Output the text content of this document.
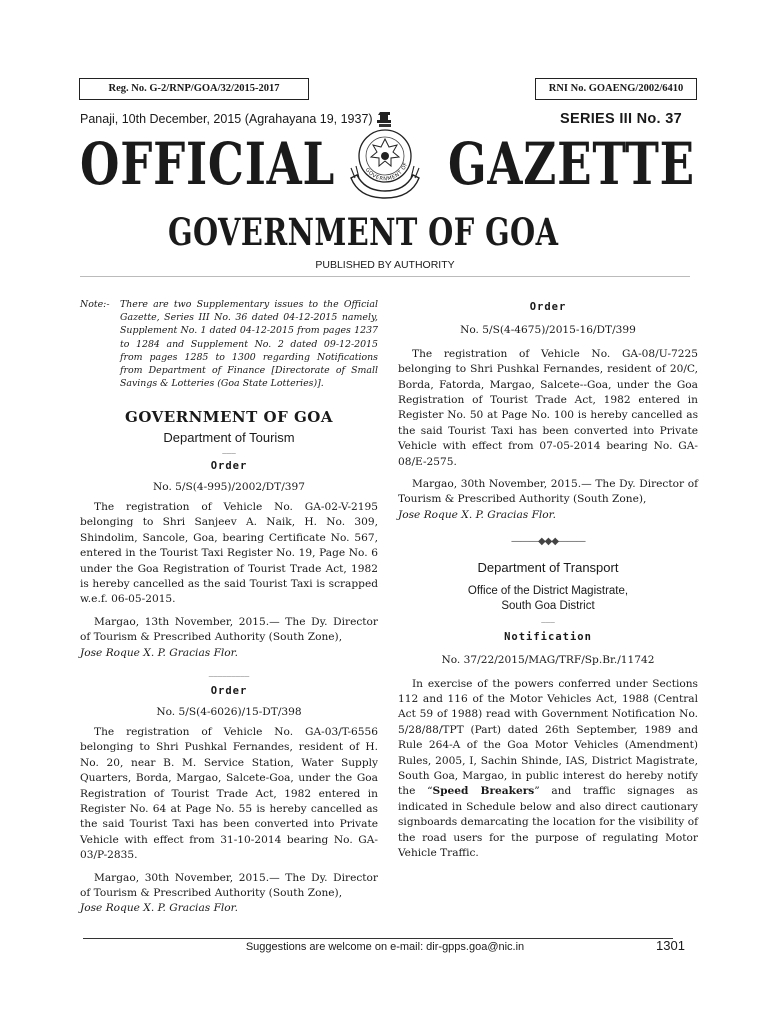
Reg. No. G-2/RNP/GOA/32/2015-2017	RNI No. GOAENG/2002/6410
Panaji, 10th December, 2015 (Agrahayana 19, 1937)	SERIES III No. 37
OFFICIAL GAZETTE
GOVERNMENT OF
GOVERNMENT OF GOA
PUBLISHED BY AUTHORITY
Note:-	There are two Supplementary issues to the Official Gazette, Series III No. 36 dated 04-12-2015 namely, Supplement No. 1 dated 04-12-2015 from pages 1237 to 1284 and Supplement No. 2 dated 09-12-2015 from pages 1285 to 1300 regarding Notifications from Department of Finance [Directorate of Small Savings & Lotteries (Goa State Lotteries)].
GOVERNMENT OF GOA
Department of Tourism
___
Order
No. 5/S(4-995)/2002/DT/397

The registration of Vehicle No. GA-02-V-2195 belonging to Shri Sanjeev A. Naik, H. No. 309, Shindolim, Sancole, Goa, bearing Certificate No. 567, entered in the Tourist Taxi Register No. 19, Page No. 6 under the Goa Registration of Tourist Trade Act, 1982 is hereby cancelled as the said Tourist Taxi is scrapped w.e.f. 06-05-2015.

Margao, 13th November, 2015.— The Dy. Director of Tourism & Prescribed Authority (South Zone),

Jose Roque X. P. Gracias Flor.

_________
Order
No. 5/S(4-6026)/15-DT/398

The registration of Vehicle No. GA-03/T-6556 belonging to Shri Pushkal Fernandes, resident of H. No. 20, near B. M. Service Station, Water Supply Quarters, Borda, Margao, Salcete-Goa, under the Goa Registration of Tourist Trade Act, 1982 entered in Register No. 64 at Page No. 55 is hereby cancelled as the said Tourist Taxi has been converted into Private Vehicle with effect from 31-10-2014 bearing No. GA-03/P-2835.

Margao, 30th November, 2015.— The Dy. Director of Tourism & Prescribed Authority (South Zone),

Jose Roque X. P. Gracias Flor.

Order
No. 5/S(4-4675)/2015-16/DT/399

The registration of Vehicle No. GA-08/U-7225 belonging to Shri Pushkal Fernandes, resident of 20/C, Borda, Fatorda, Margao, Salcete--Goa, under the Goa Registration of Tourist Trade Act, 1982 entered in Register No. 50 at Page No. 100 is hereby cancelled as the said Tourist Taxi has been converted into Private Vehicle with effect from 07-05-2014 bearing No. GA-08/E-2575.

Margao, 30th November, 2015.— The Dy. Director of Tourism & Prescribed Authority (South Zone),

Jose Roque X. P. Gracias Flor.

———◆◆◆———
Department of Transport
Office of the District Magistrate,
South Goa District
___
Notification
No. 37/22/2015/MAG/TRF/Sp.Br./11742

In exercise of the powers conferred under Sections 112 and 116 of the Motor Vehicles Act, 1988 (Central Act 59 of 1988) read with Government Notification No. 5/28/88/TPT (Part) dated 26th September, 1989 and Rule 264-A of the Goa Motor Vehicles (Amendment) Rules, 2005, I, Sachin Shinde, IAS, District Magistrate, South Goa, Margao, in public interest do hereby notify the “Speed Breakers” and traffic signages as indicated in Schedule below and also direct cautionary signboards demarcating the location for the visibility of the road users for the purpose of regulating Motor Vehicle Traffic.

Suggestions are welcome on e-mail: dir-gpps.goa@nic.in	1301
